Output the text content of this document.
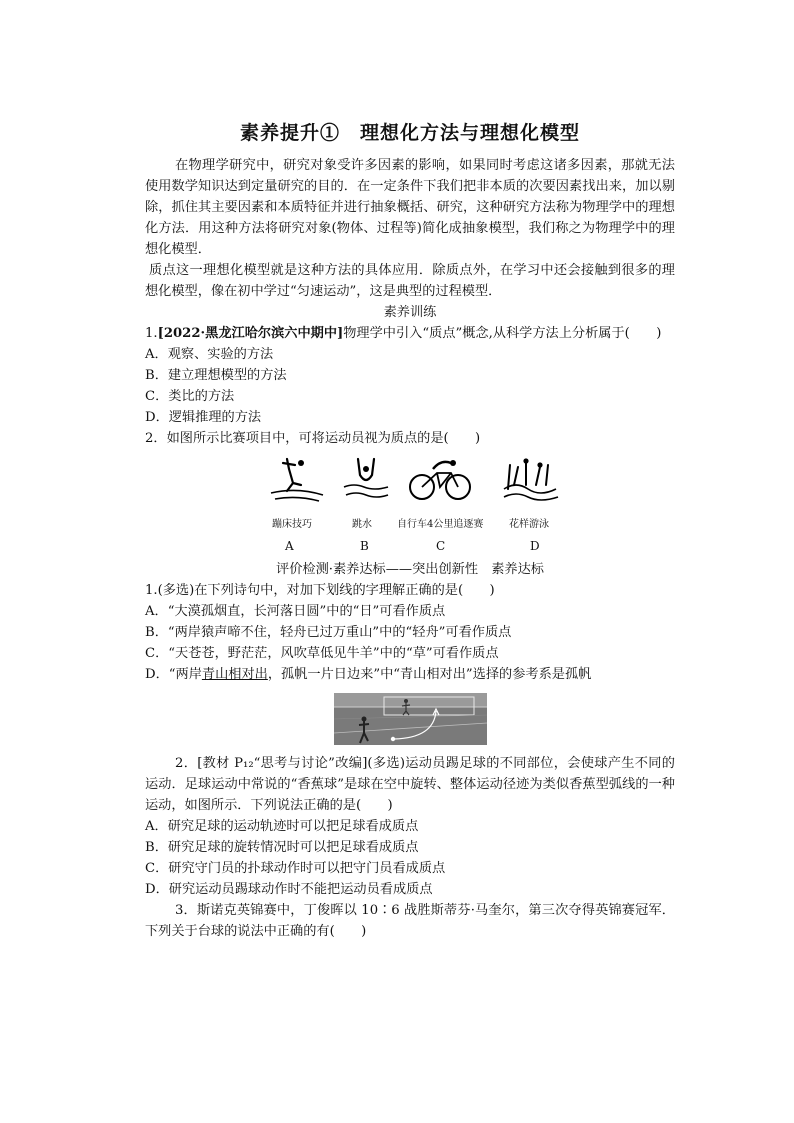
素养提升①　理想化方法与理想化模型

在物理学研究中，研究对象受许多因素的影响，如果同时考虑这诸多因素，那就无法使用数学知识达到定量研究的目的．在一定条件下我们把非本质的次要因素找出来，加以剔除，抓住其主要因素和本质特征并进行抽象概括、研究，这种研究方法称为物理学中的理想化方法．用这种方法将研究对象(物体、过程等)简化成抽象模型，我们称之为物理学中的理想化模型．

质点这一理想化模型就是这种方法的具体应用．除质点外，在学习中还会接触到很多的理想化模型，像在初中学过“匀速运动”，这是典型的过程模型．

素养训练

1.[2022·黑龙江哈尔滨六中期中]物理学中引入“质点”概念,从科学方法上分析属于(　　)

A．观察、实验的方法

B．建立理想模型的方法

C．类比的方法

D．逻辑推理的方法

2．如图所示比赛项目中，可将运动员视为质点的是(　　)

蹦床技巧	跳水	自行车4公里追逐赛	花样游泳
A	B	C	D

评价检测·素养达标——突出创新性　素养达标

1.(多选)在下列诗句中，对加下划线的字理解正确的是(　　)

A．“大漠孤烟直，长河落日圆”中的“日”可看作质点

B．“两岸猿声啼不住，轻舟已过万重山”中的“轻舟”可看作质点

C．“天苍苍，野茫茫，风吹草低见牛羊”中的“草”可看作质点

D．“两岸青山相对出，孤帆一片日边来”中“青山相对出”选择的参考系是孤帆

2．[教材 P₁₂“思考与讨论”改编](多选)运动员踢足球的不同部位，会使球产生不同的运动．足球运动中常说的“香蕉球”是球在空中旋转、整体运动径迹为类似香蕉型弧线的一种运动，如图所示．下列说法正确的是(　　)

A．研究足球的运动轨迹时可以把足球看成质点

B．研究足球的旋转情况时可以把足球看成质点

C．研究守门员的扑球动作时可以把守门员看成质点

D．研究运动员踢球动作时不能把运动员看成质点

3．斯诺克英锦赛中，丁俊晖以 10∶6 战胜斯蒂芬·马奎尔，第三次夺得英锦赛冠军．下列关于台球的说法中正确的有(　　)
